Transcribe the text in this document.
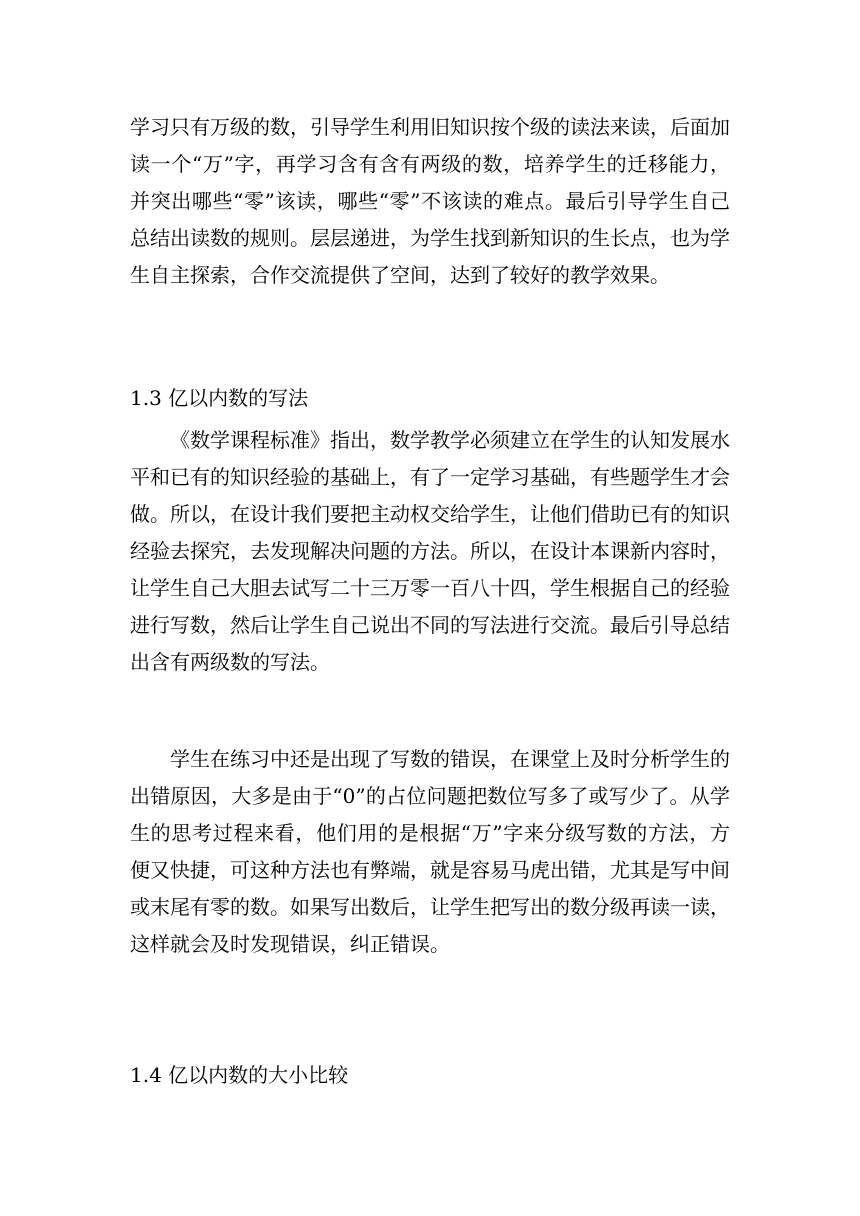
学习只有万级的数，引导学生利用旧知识按个级的读法来读，后面加读一个“万”字，再学习含有含有两级的数，培养学生的迁移能力，并突出哪些“零”该读，哪些“零”不该读的难点。最后引导学生自己总结出读数的规则。层层递进，为学生找到新知识的生长点，也为学生自主探索，合作交流提供了空间，达到了较好的教学效果。

1.3 亿以内数的写法

《数学课程标准》指出，数学教学必须建立在学生的认知发展水平和已有的知识经验的基础上，有了一定学习基础，有些题学生才会做。所以，在设计我们要把主动权交给学生，让他们借助已有的知识经验去探究，去发现解决问题的方法。所以，在设计本课新内容时，让学生自己大胆去试写二十三万零一百八十四，学生根据自己的经验进行写数，然后让学生自己说出不同的写法进行交流。最后引导总结出含有两级数的写法。

学生在练习中还是出现了写数的错误，在课堂上及时分析学生的出错原因，大多是由于“0”的占位问题把数位写多了或写少了。从学生的思考过程来看，他们用的是根据“万”字来分级写数的方法，方便又快捷，可这种方法也有弊端，就是容易马虎出错，尤其是写中间或末尾有零的数。如果写出数后，让学生把写出的数分级再读一读，这样就会及时发现错误，纠正错误。

1.4 亿以内数的大小比较
